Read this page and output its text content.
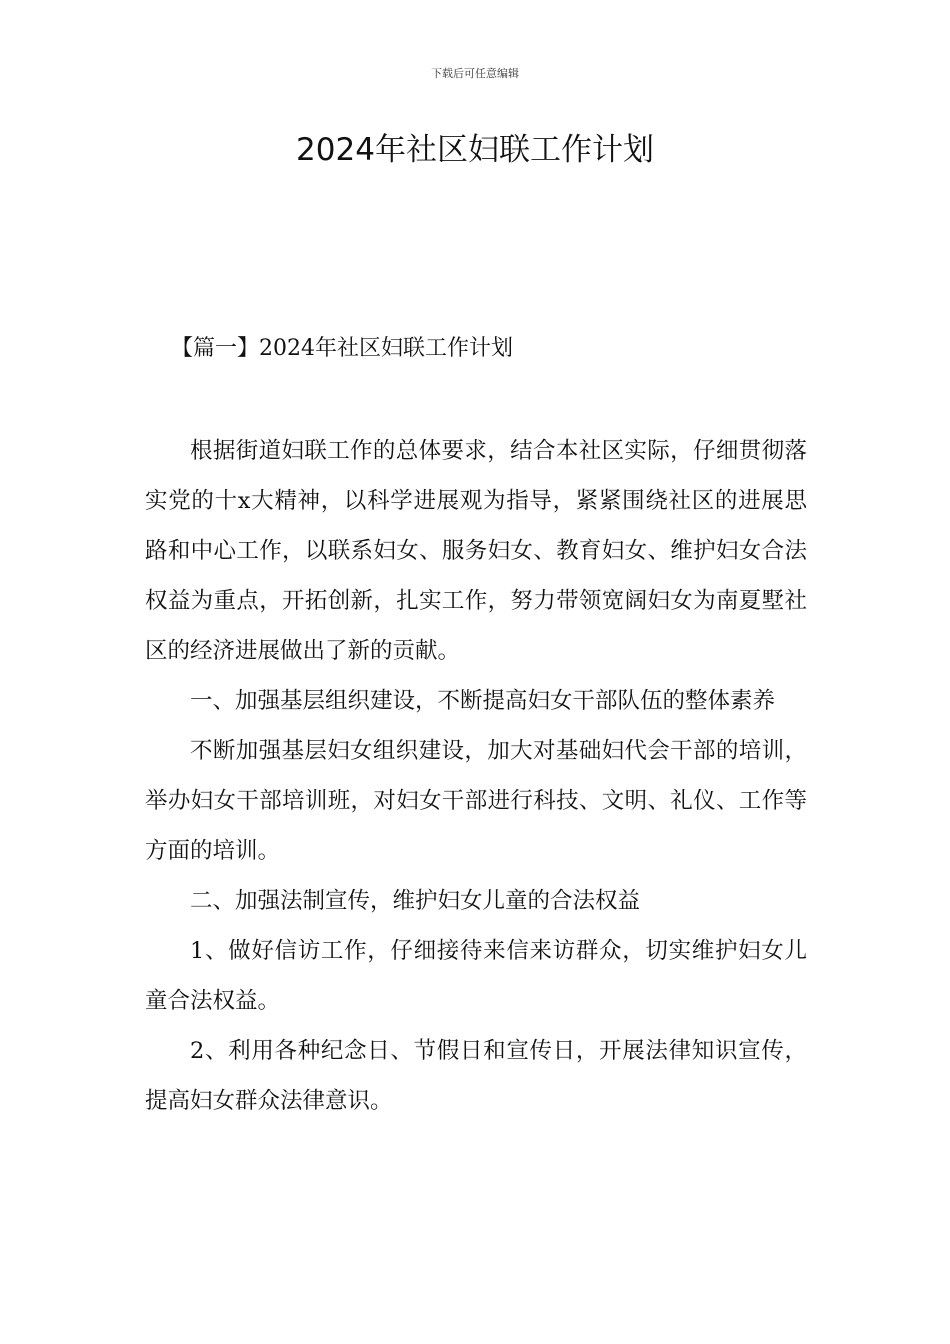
下载后可任意编辑
2024年社区妇联工作计划
【篇一】2024年社区妇联工作计划

根据街道妇联工作的总体要求，结合本社区实际，仔细贯彻落实党的十x大精神，以科学进展观为指导，紧紧围绕社区的进展思路和中心工作，以联系妇女、服务妇女、教育妇女、维护妇女合法权益为重点，开拓创新，扎实工作，努力带领宽阔妇女为南夏墅社区的经济进展做出了新的贡献。

一、加强基层组织建设，不断提高妇女干部队伍的整体素养

不断加强基层妇女组织建设，加大对基础妇代会干部的培训，举办妇女干部培训班，对妇女干部进行科技、文明、礼仪、工作等方面的培训。

二、加强法制宣传，维护妇女儿童的合法权益

1、做好信访工作，仔细接待来信来访群众，切实维护妇女儿童合法权益。

2、利用各种纪念日、节假日和宣传日，开展法律知识宣传，提高妇女群众法律意识。
